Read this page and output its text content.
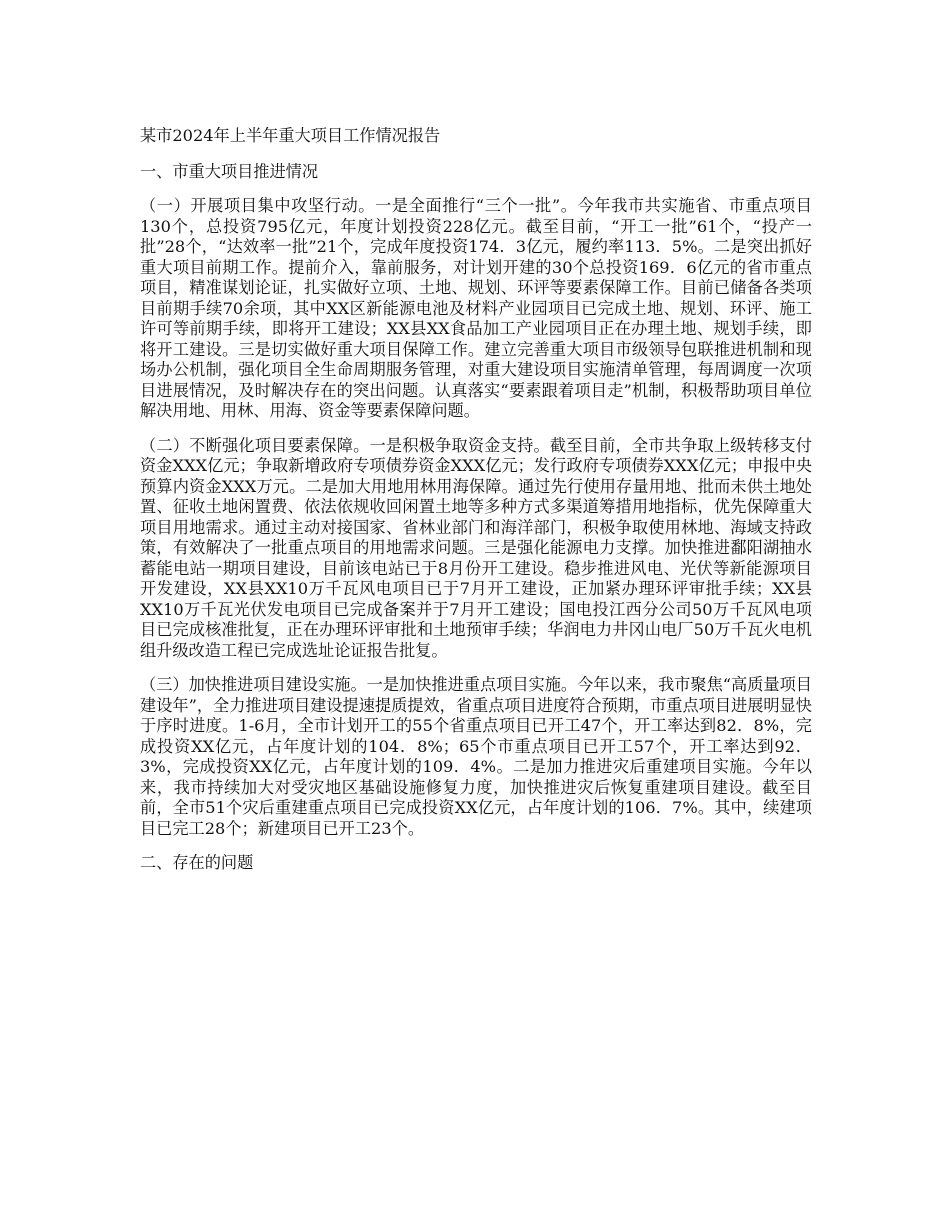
某市2024年上半年重大项目工作情况报告

一、市重大项目推进情况

（一）开展项目集中攻坚行动。一是全面推行“三个一批”。今年我市共实施省、市重点项目130个，总投资795亿元，年度计划投资228亿元。截至目前，“开工一批”61个，“投产一批”28个，“达效率一批”21个，完成年度投资174．3亿元，履约率113．5%。二是突出抓好重大项目前期工作。提前介入，靠前服务，对计划开建的30个总投资169．6亿元的省市重点项目，精准谋划论证，扎实做好立项、土地、规划、环评等要素保障工作。目前已储备各类项目前期手续70余项，其中XX区新能源电池及材料产业园项目已完成土地、规划、环评、施工许可等前期手续，即将开工建设；XX县XX食品加工产业园项目正在办理土地、规划手续，即将开工建设。三是切实做好重大项目保障工作。建立完善重大项目市级领导包联推进机制和现场办公机制，强化项目全生命周期服务管理，对重大建设项目实施清单管理，每周调度一次项目进展情况，及时解决存在的突出问题。认真落实“要素跟着项目走”机制，积极帮助项目单位解决用地、用林、用海、资金等要素保障问题。

（二）不断强化项目要素保障。一是积极争取资金支持。截至目前，全市共争取上级转移支付资金XXX亿元；争取新增政府专项债券资金XXX亿元；发行政府专项债券XXX亿元；申报中央预算内资金XXX万元。二是加大用地用林用海保障。通过先行使用存量用地、批而未供土地处置、征收土地闲置费、依法依规收回闲置土地等多种方式多渠道筹措用地指标，优先保障重大项目用地需求。通过主动对接国家、省林业部门和海洋部门，积极争取使用林地、海域支持政策，有效解决了一批重点项目的用地需求问题。三是强化能源电力支撑。加快推进鄱阳湖抽水蓄能电站一期项目建设，目前该电站已于8月份开工建设。稳步推进风电、光伏等新能源项目开发建设，XX县XX10万千瓦风电项目已于7月开工建设，正加紧办理环评审批手续；XX县XX10万千瓦光伏发电项目已完成备案并于7月开工建设；国电投江西分公司50万千瓦风电项目已完成核准批复，正在办理环评审批和土地预审手续；华润电力井冈山电厂50万千瓦火电机组升级改造工程已完成选址论证报告批复。

（三）加快推进项目建设实施。一是加快推进重点项目实施。今年以来，我市聚焦“高质量项目建设年”，全力推进项目建设提速提质提效，省重点项目进度符合预期，市重点项目进展明显快于序时进度。1-6月，全市计划开工的55个省重点项目已开工47个，开工率达到82．8%，完成投资XX亿元，占年度计划的104．8%；65个市重点项目已开工57个，开工率达到92．3%，完成投资XX亿元，占年度计划的109．4%。二是加力推进灾后重建项目实施。今年以来，我市持续加大对受灾地区基础设施修复力度，加快推进灾后恢复重建项目建设。截至目前，全市51个灾后重建重点项目已完成投资XX亿元，占年度计划的106．7%。其中，续建项目已完工28个；新建项目已开工23个。

二、存在的问题
